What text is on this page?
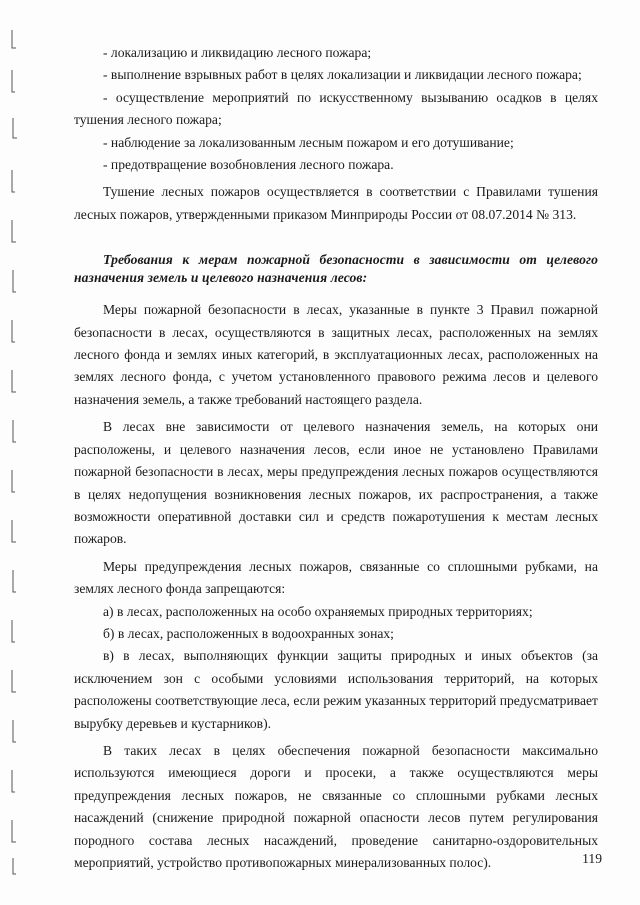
- локализацию и ликвидацию лесного пожара;

- выполнение взрывных работ в целях локализации и ликвидации лесного пожара;

- осуществление мероприятий по искусственному вызыванию осадков в целях тушения лесного пожара;

- наблюдение за локализованным лесным пожаром и его дотушивание;

- предотвращение возобновления лесного пожара.

Тушение лесных пожаров осуществляется в соответствии с Правилами тушения лесных пожаров, утвержденными приказом Минприроды России от 08.07.2014 № 313.

Требования к мерам пожарной безопасности в зависимости от целевого назначения земель и целевого назначения лесов:

Меры пожарной безопасности в лесах, указанные в пункте 3 Правил пожарной безопасности в лесах, осуществляются в защитных лесах, расположенных на землях лесного фонда и землях иных категорий, в эксплуатационных лесах, расположенных на землях лесного фонда, с учетом установленного правового режима лесов и целевого назначения земель, а также требований настоящего раздела.

В лесах вне зависимости от целевого назначения земель, на которых они расположены, и целевого назначения лесов, если иное не установлено Правилами пожарной безопасности в лесах, меры предупреждения лесных пожаров осуществляются в целях недопущения возникновения лесных пожаров, их распространения, а также возможности оперативной доставки сил и средств пожаротушения к местам лесных пожаров.

Меры предупреждения лесных пожаров, связанные со сплошными рубками, на землях лесного фонда запрещаются:

а) в лесах, расположенных на особо охраняемых природных территориях;

б) в лесах, расположенных в водоохранных зонах;

в) в лесах, выполняющих функции защиты природных и иных объектов (за исключением зон с особыми условиями использования территорий, на которых расположены соответствующие леса, если режим указанных территорий предусматривает вырубку деревьев и кустарников).

В таких лесах в целях обеспечения пожарной безопасности максимально используются имеющиеся дороги и просеки, а также осуществляются меры предупреждения лесных пожаров, не связанные со сплошными рубками лесных насаждений (снижение природной пожарной опасности лесов путем регулирования породного состава лесных насаждений, проведение санитарно-оздоровительных мероприятий, устройство противопожарных минерализованных полос).	119
